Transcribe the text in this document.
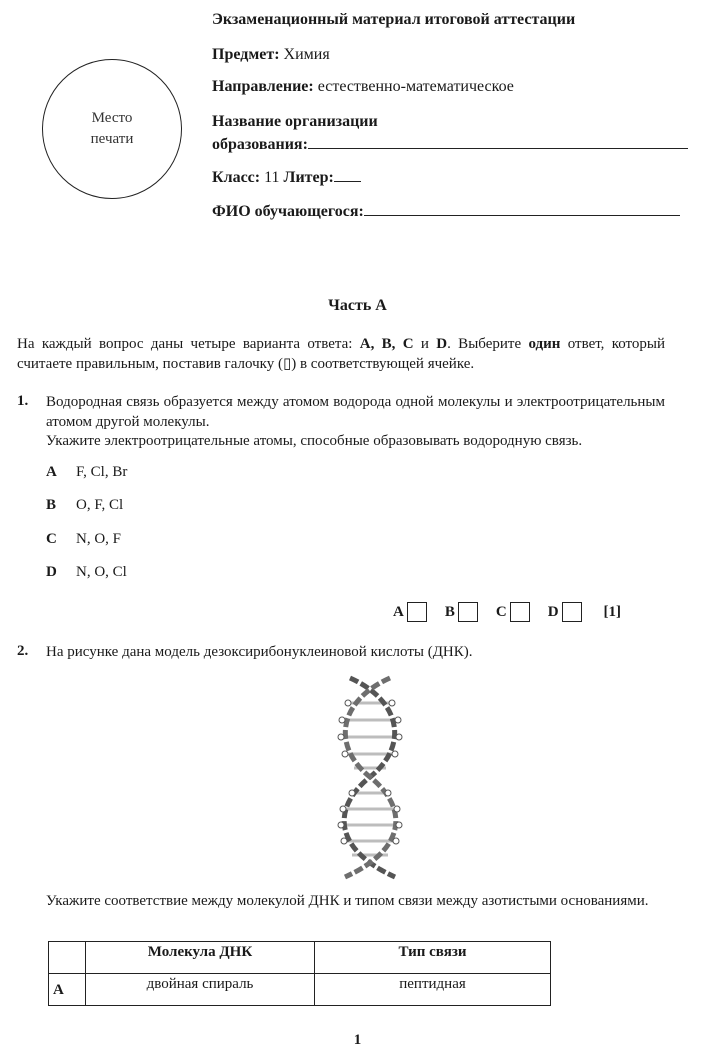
Место
печати
Экзаменационный материал итоговой аттестации
Предмет: Химия
Направление: естественно-математическое
Название организации
образования:
Класс: 11 Литер:
ФИО обучающегося:
Часть А
На каждый вопрос даны четыре варианта ответа: A, B, C и D. Выберите один ответ, который считаете правильным, поставив галочку (▯) в соответствующей ячейке.
1. Водородная связь образуется между атомом водорода одной молекулы и электроотрицательным атомом другой молекулы.
Укажите электроотрицательные атомы, способные образовывать водородную связь.
A F, Cl, Br
B O, F, Cl
C N, O, F
D N, O, Cl
A	B	C	D	[1]
2. На рисунке дана модель дезоксирибонуклеиновой кислоты (ДНК).
Укажите соответствие между молекулой ДНК и типом связи между азотистыми основаниями.
	Молекула ДНК	Тип связи
A	двойная спираль	пептидная
1
